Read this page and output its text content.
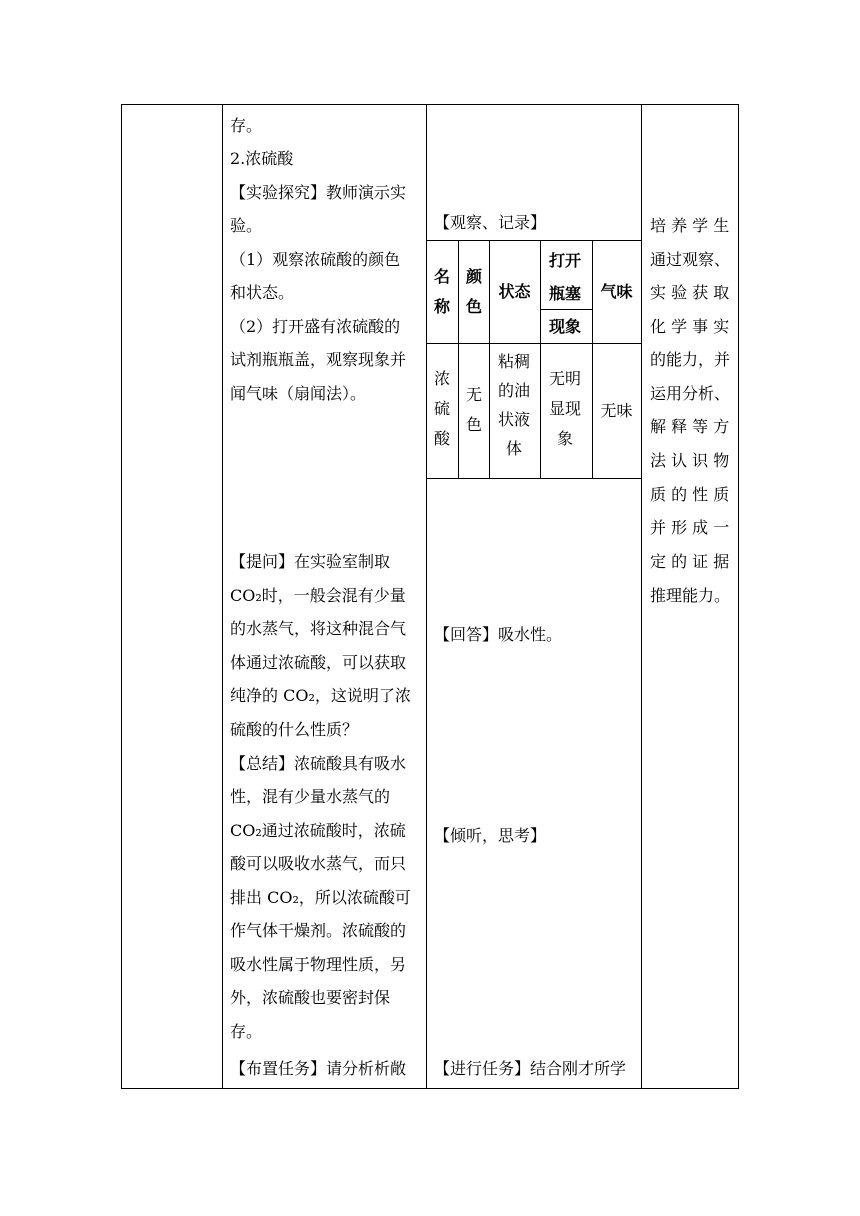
存。
2.浓硫酸
【实验探究】教师演示实
验。
（1）观察浓硫酸的颜色
和状态。
（2）打开盛有浓硫酸的
试剂瓶瓶盖，观察现象并
闻气味（扇闻法）。
【提问】在实验室制取
CO₂时，一般会混有少量
的水蒸气，将这种混合气
体通过浓硫酸，可以获取
纯净的 CO₂，这说明了浓
硫酸的什么性质？
【总结】浓硫酸具有吸水
性，混有少量水蒸气的
CO₂通过浓硫酸时，浓硫
酸可以吸收水蒸气，而只
排出 CO₂，所以浓硫酸可
作气体干燥剂。浓硫酸的
吸水性属于物理性质，另
外，浓硫酸也要密封保
存。
【布置任务】请分析析敞
【观察、记录】
名称
颜色
状态
打开瓶塞现象
气味
浓硫酸
无色
粘稠的油状液体
无明显现象
无味
【回答】吸水性。
【倾听，思考】
【进行任务】结合刚才所学
培 养 学 生
通过观察、
实 验 获 取
化 学 事 实
的能力，并
运用分析、
解 释 等 方
法 认 识 物
质 的 性 质
并 形 成 一
定 的 证 据
推理能力。
